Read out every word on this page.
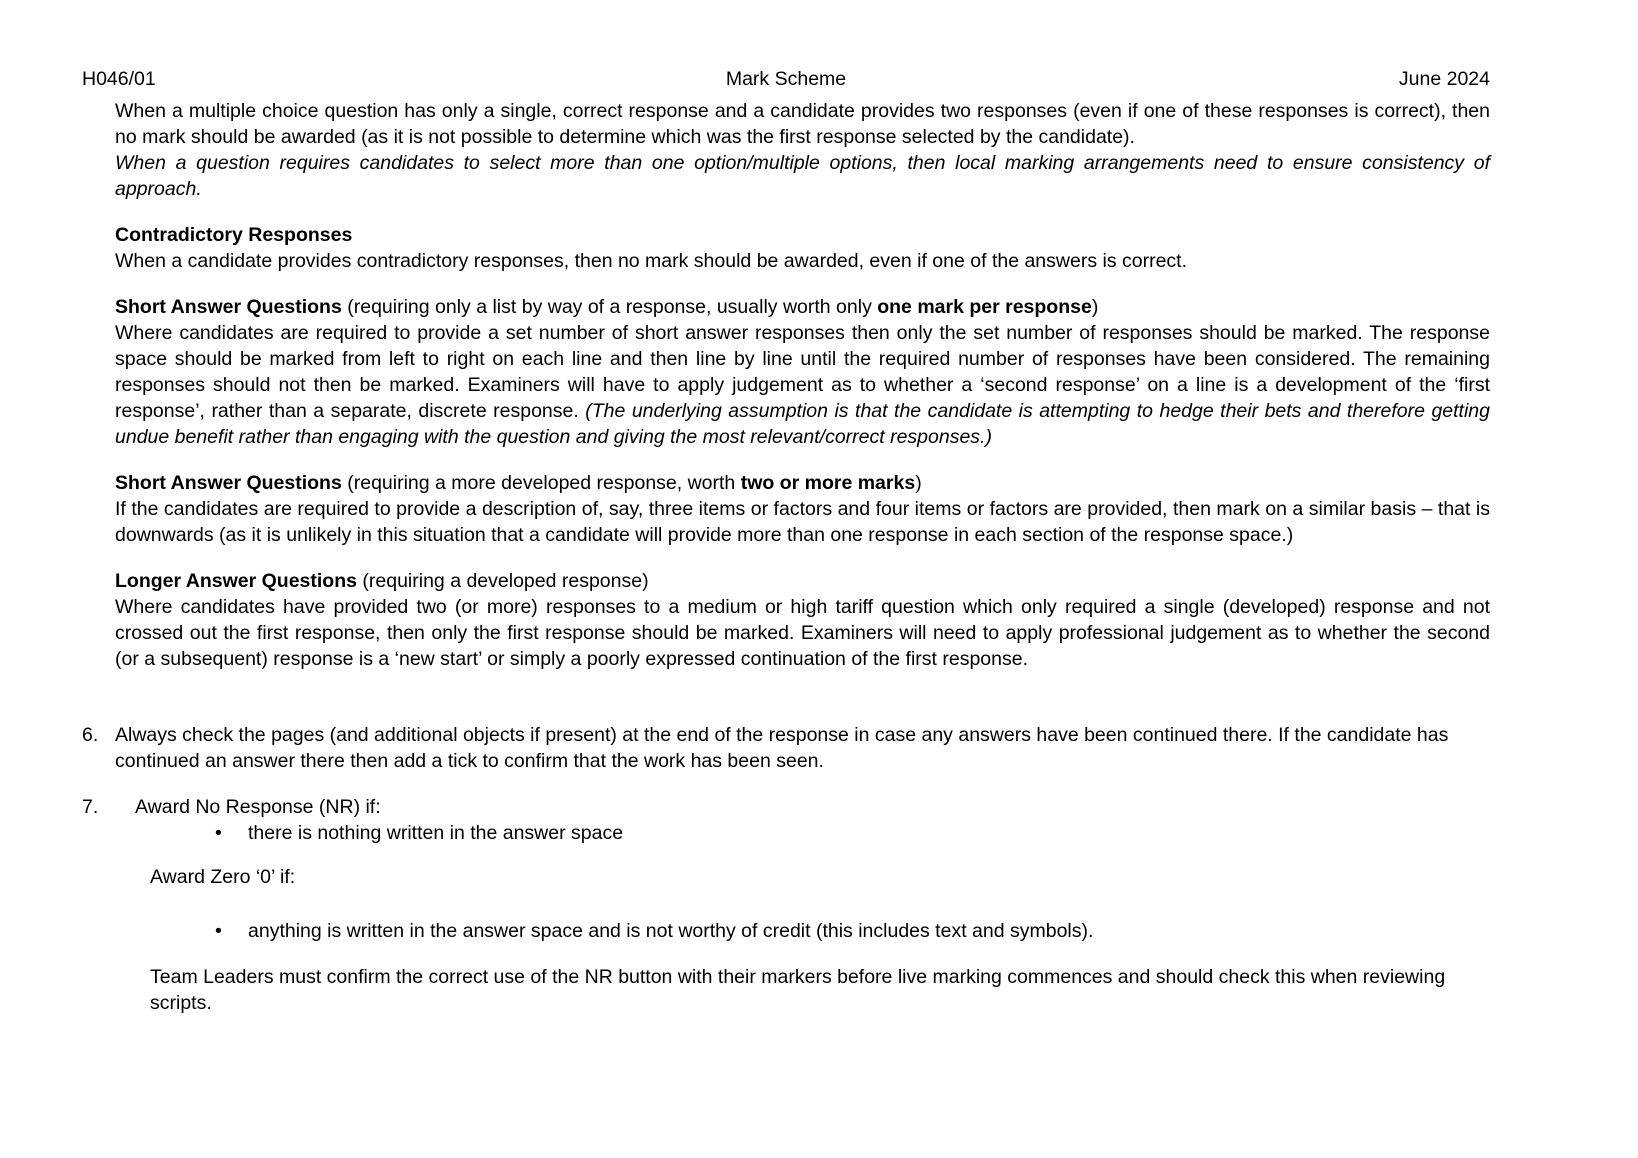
H046/01	Mark Scheme	June 2024

When a multiple choice question has only a single, correct response and a candidate provides two responses (even if one of these responses is correct), then no mark should be awarded (as it is not possible to determine which was the first response selected by the candidate).

When a question requires candidates to select more than one option/multiple options, then local marking arrangements need to ensure consistency of approach.

Contradictory Responses

When a candidate provides contradictory responses, then no mark should be awarded, even if one of the answers is correct.

Short Answer Questions (requiring only a list by way of a response, usually worth only one mark per response)

Where candidates are required to provide a set number of short answer responses then only the set number of responses should be marked. The response space should be marked from left to right on each line and then line by line until the required number of responses have been considered. The remaining responses should not then be marked. Examiners will have to apply judgement as to whether a ‘second response’ on a line is a development of the ‘first response’, rather than a separate, discrete response. (The underlying assumption is that the candidate is attempting to hedge their bets and therefore getting undue benefit rather than engaging with the question and giving the most relevant/correct responses.)

Short Answer Questions (requiring a more developed response, worth two or more marks)

If the candidates are required to provide a description of, say, three items or factors and four items or factors are provided, then mark on a similar basis – that is downwards (as it is unlikely in this situation that a candidate will provide more than one response in each section of the response space.)

Longer Answer Questions (requiring a developed response)

Where candidates have provided two (or more) responses to a medium or high tariff question which only required a single (developed) response and not crossed out the first response, then only the first response should be marked. Examiners will need to apply professional judgement as to whether the second (or a subsequent) response is a ‘new start’ or simply a poorly expressed continuation of the first response.

6. Always check the pages (and additional objects if present) at the end of the response in case any answers have been continued there. If the candidate has continued an answer there then add a tick to confirm that the work has been seen.

7.	Award No Response (NR) if:

•	there is nothing written in the answer space

Award Zero ‘0’ if:

•	anything is written in the answer space and is not worthy of credit (this includes text and symbols).

Team Leaders must confirm the correct use of the NR button with their markers before live marking commences and should check this when reviewing scripts.
